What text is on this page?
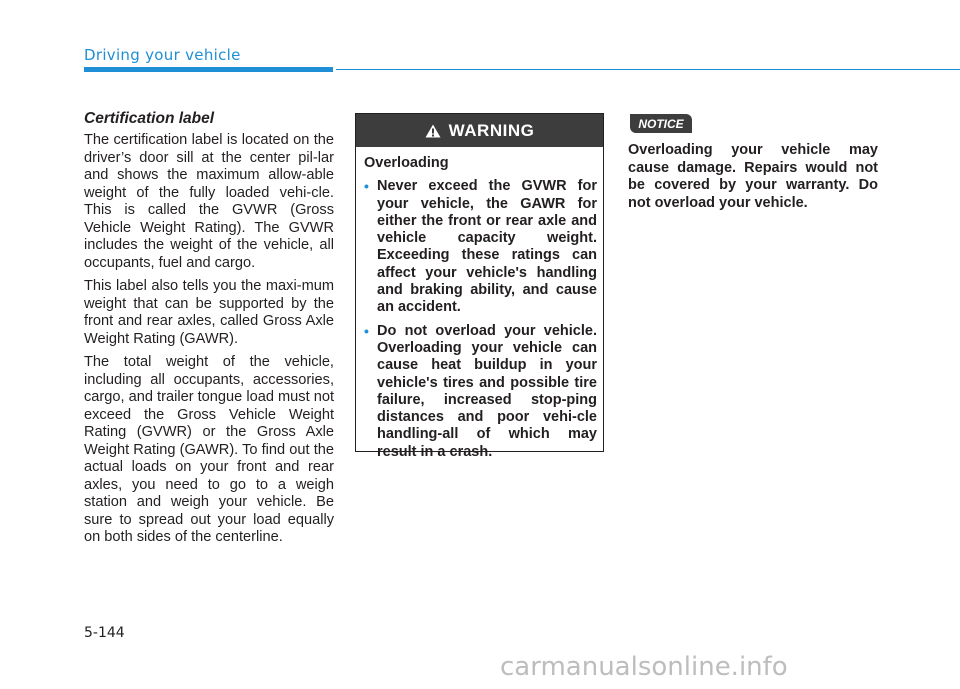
Driving your vehicle
Certification label

The certification label is located on the driver’s door sill at the center pil-lar and shows the maximum allow-able weight of the fully loaded vehi-cle. This is called the GVWR (Gross Vehicle Weight Rating). The GVWR includes the weight of the vehicle, all occupants, fuel and cargo.

This label also tells you the maxi-mum weight that can be supported by the front and rear axles, called Gross Axle Weight Rating (GAWR).

The total weight of the vehicle, including all occupants, accessories, cargo, and trailer tongue load must not exceed the Gross Vehicle Weight Rating (GVWR) or the Gross Axle Weight Rating (GAWR). To find out the actual loads on your front and rear axles, you need to go to a weigh station and weigh your vehicle. Be sure to spread out your load equally on both sides of the centerline.

WARNING
Overloading
• Never exceed the GVWR for your vehicle, the GAWR for either the front or rear axle and vehicle capacity weight. Exceeding these ratings can affect your vehicle's handling and braking ability, and cause an accident.
• Do not overload your vehicle. Overloading your vehicle can cause heat buildup in your vehicle's tires and possible tire failure, increased stop-ping distances and poor vehi-cle handling-all of which may result in a crash.
NOTICE

Overloading your vehicle may cause damage. Repairs would not be covered by your warranty. Do not overload your vehicle.

5-144
carmanualsonline.info
